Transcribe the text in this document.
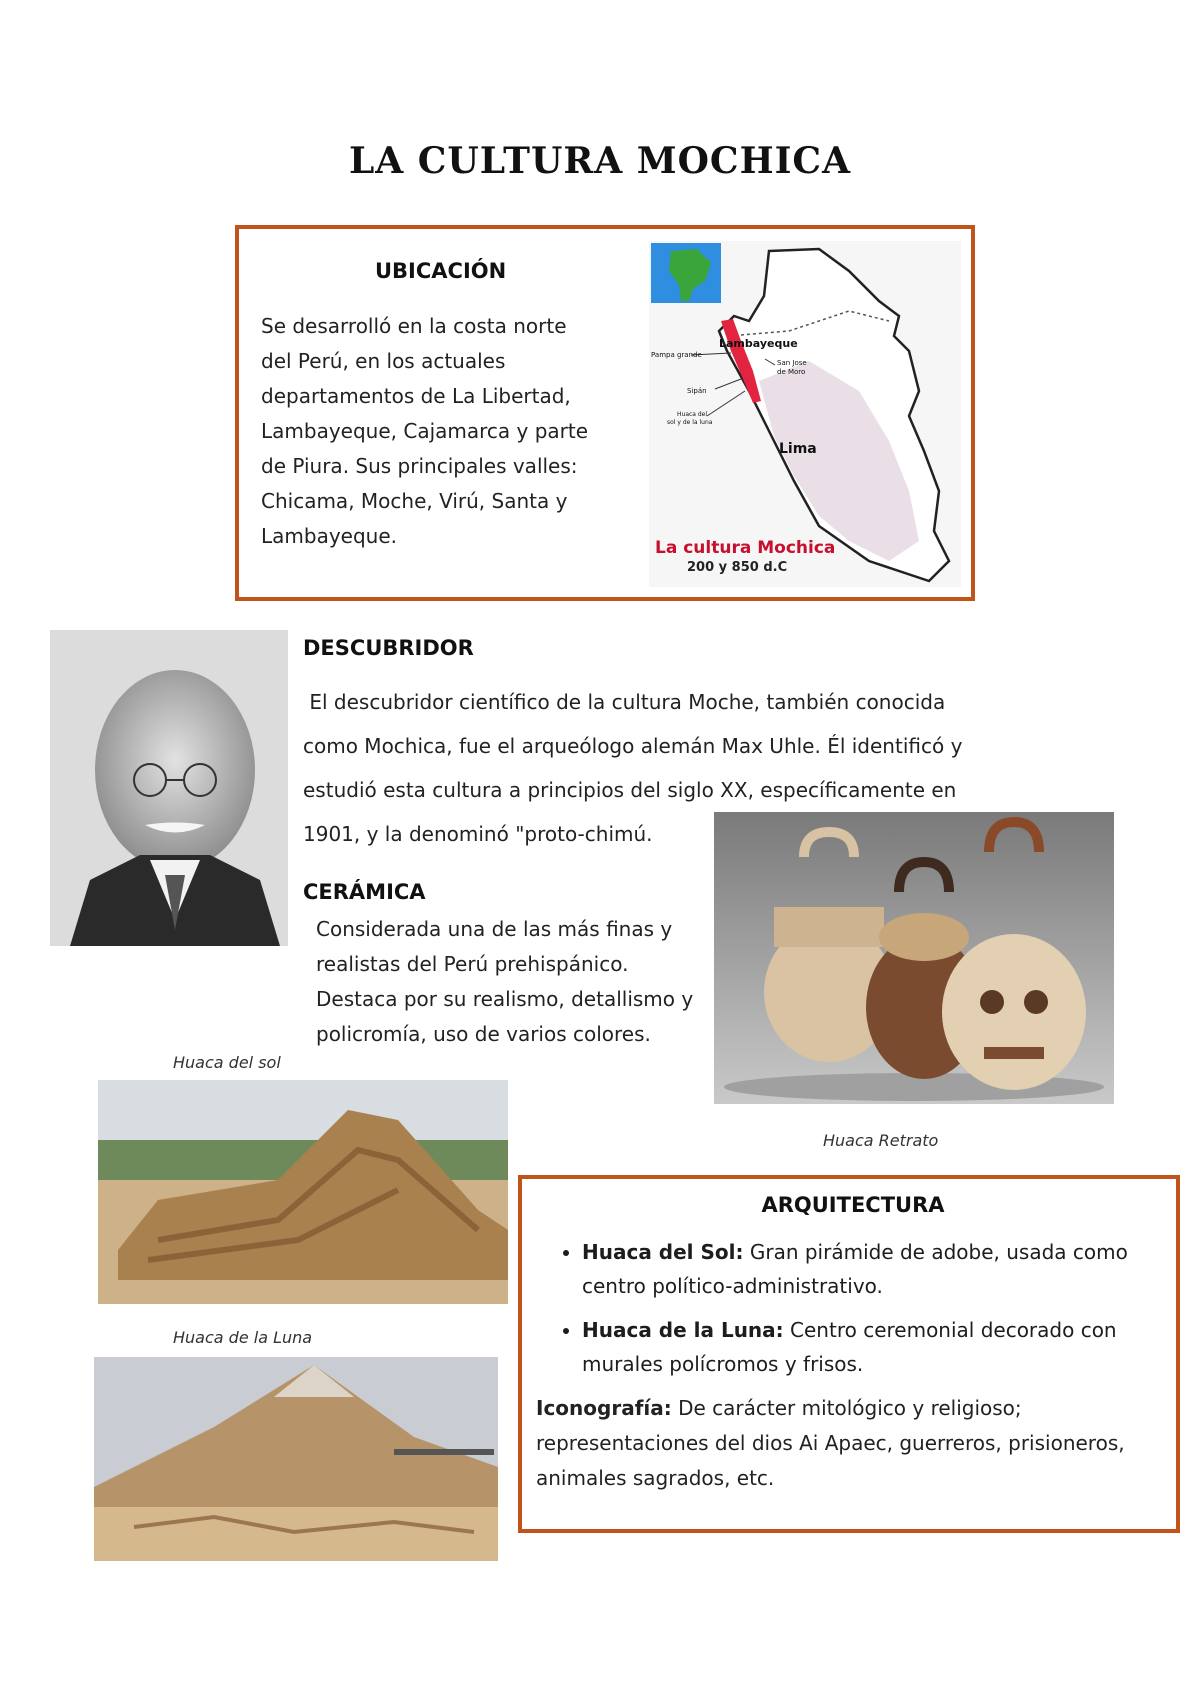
LA CULTURA MOCHICA
UBICACIÓN
Se desarrolló en la costa norte del Perú, en los actuales departamentos de La Libertad, Lambayeque, Cajamarca y parte de Piura. Sus principales valles: Chicama, Moche, Virú, Santa y Lambayeque.
Lambayeque
San Jose
de Moro
Pampa grande
Sipán
Huaca del
sol y de la luna
Lima
La cultura Mochica
200 y 850 d.C
DESCUBRIDOR
El descubridor científico de la cultura Moche, también conocida como Mochica, fue el arqueólogo alemán Max Uhle. Él identificó y estudió esta cultura a principios del siglo XX, específicamente en 1901, y la denominó "proto-chimú.
CERÁMICA
Considerada una de las más finas y realistas del Perú prehispánico. Destaca por su realismo, detallismo y policromía, uso de varios colores.
Huaca del sol
Huaca Retrato
Huaca de la Luna
ARQUITECTURA
• Huaca del Sol: Gran pirámide de adobe, usada como centro político-administrativo.
• Huaca de la Luna: Centro ceremonial decorado con murales polícromos y frisos.
Iconografía: De carácter mitológico y religioso; representaciones del dios Ai Apaec, guerreros, prisioneros, animales sagrados, etc.
